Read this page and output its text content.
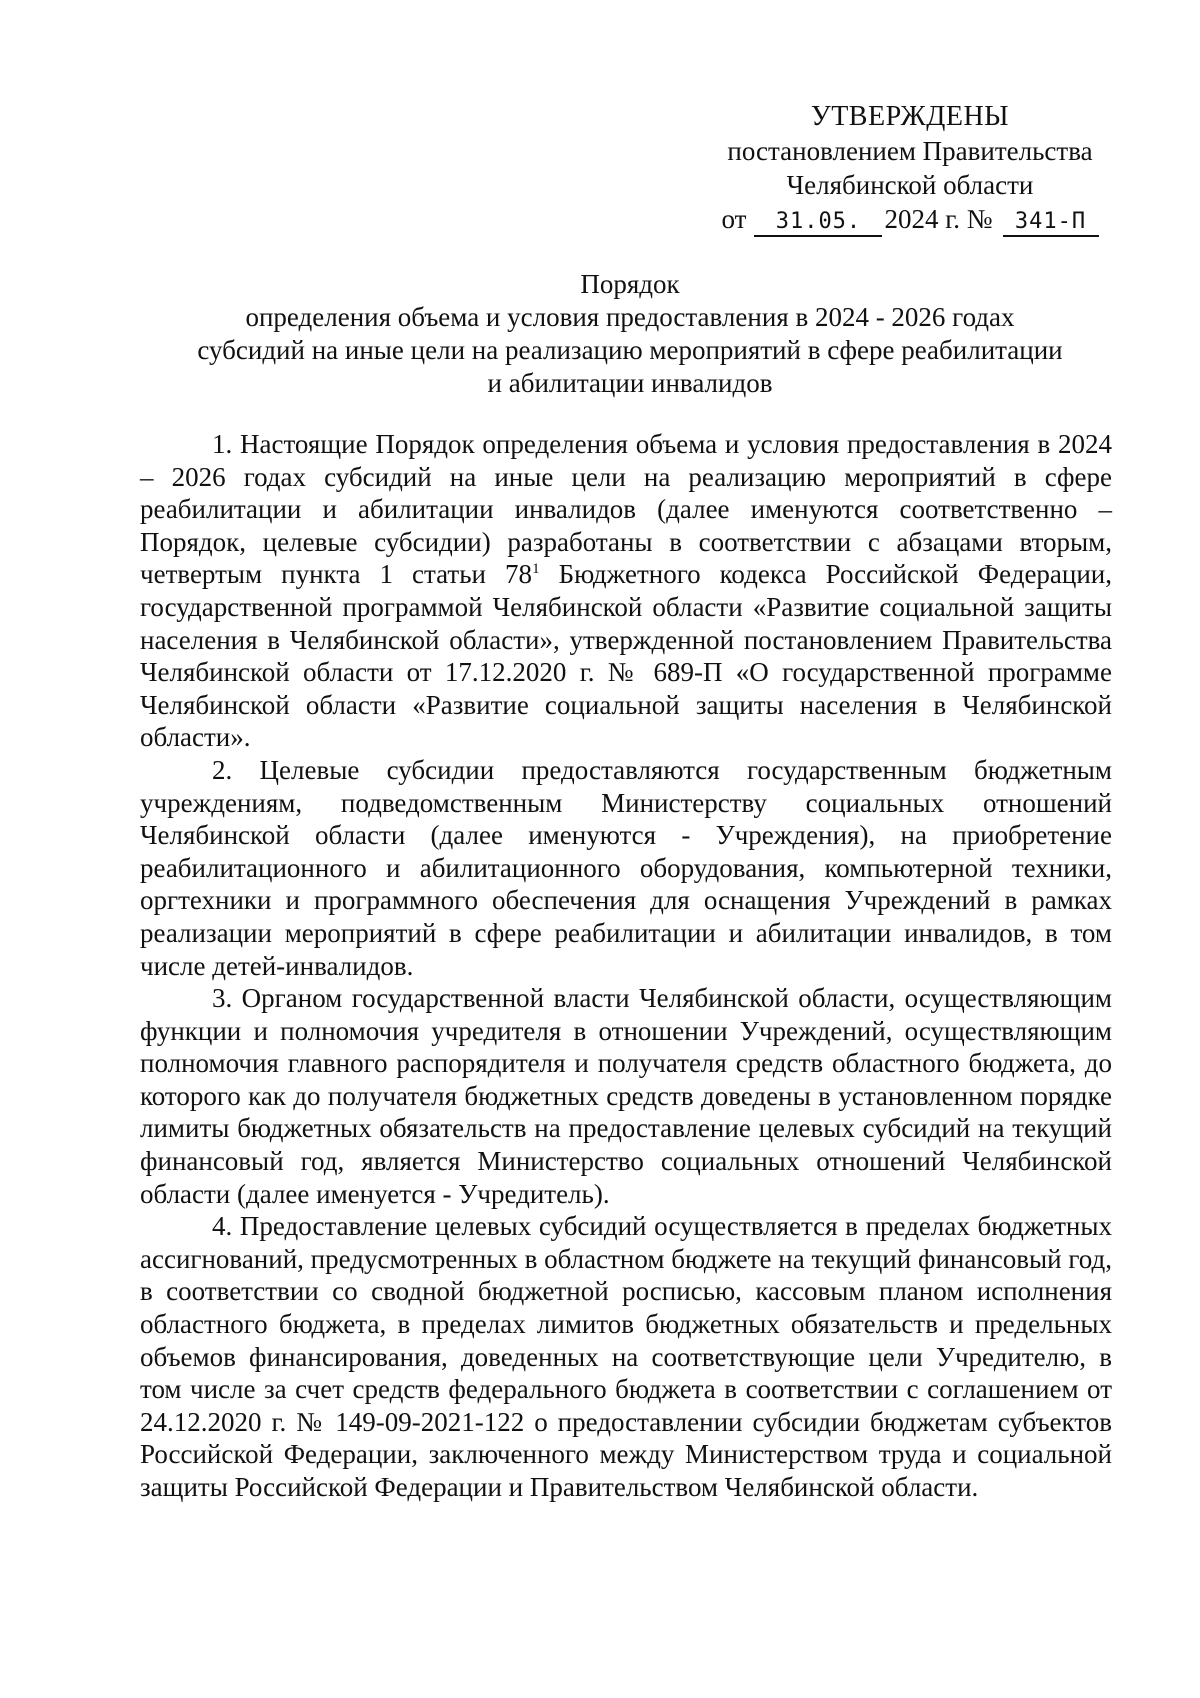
УТВЕРЖДЕНЫ
постановлением Правительства
Челябинской области
от	31.05. 2024 г. №	341-П
Порядок
определения объема и условия предоставления в 2024 - 2026 годах
субсидий на иные цели на реализацию мероприятий в сфере реабилитации
и абилитации инвалидов

1. Настоящие Порядок определения объема и условия предоставления в 2024 – 2026 годах субсидий на иные цели на реализацию мероприятий в сфере реабилитации и абилитации инвалидов (далее именуются соответственно – Порядок, целевые субсидии) разработаны в соответствии с абзацами вторым, четвертым пункта 1 статьи $78^1$ Бюджетного кодекса Российской Федерации, государственной программой Челябинской области «Развитие социальной защиты населения в Челябинской области», утвержденной постановлением Правительства Челябинской области от 17.12.2020 г. № 689-П «О государственной программе Челябинской области «Развитие социальной защиты населения в Челябинской области».

2. Целевые субсидии предоставляются государственным бюджетным учреждениям, подведомственным Министерству социальных отношений Челябинской области (далее именуются - Учреждения), на приобретение реабилитационного и абилитационного оборудования, компьютерной техники, оргтехники и программного обеспечения для оснащения Учреждений в рамках реализации мероприятий в сфере реабилитации и абилитации инвалидов, в том числе детей-инвалидов.

3. Органом государственной власти Челябинской области, осуществляющим функции и полномочия учредителя в отношении Учреждений, осуществляющим полномочия главного распорядителя и получателя средств областного бюджета, до которого как до получателя бюджетных средств доведены в установленном порядке лимиты бюджетных обязательств на предоставление целевых субсидий на текущий финансовый год, является Министерство социальных отношений Челябинской области (далее именуется - Учредитель).

4. Предоставление целевых субсидий осуществляется в пределах бюджетных ассигнований, предусмотренных в областном бюджете на текущий финансовый год, в соответствии со сводной бюджетной росписью, кассовым планом исполнения областного бюджета, в пределах лимитов бюджетных обязательств и предельных объемов финансирования, доведенных на соответствующие цели Учредителю, в том числе за счет средств федерального бюджета в соответствии с соглашением от 24.12.2020 г. № 149-09-2021-122 о предоставлении субсидии бюджетам субъектов Российской Федерации, заключенного между Министерством труда и социальной защиты Российской Федерации и Правительством Челябинской области.
